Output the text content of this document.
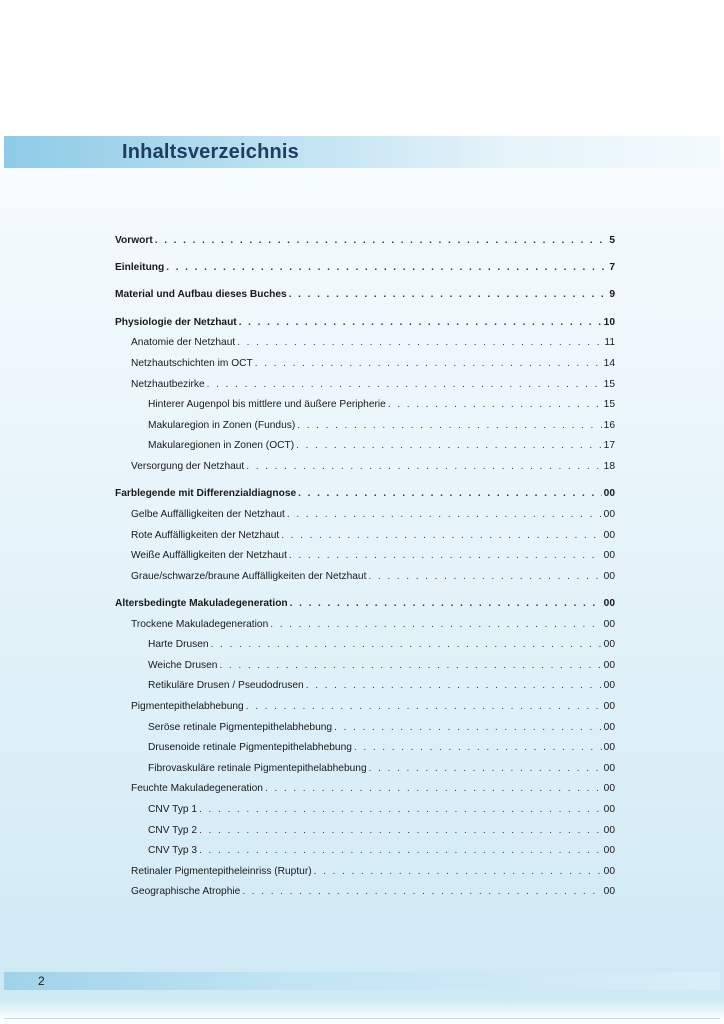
Inhaltsverzeichnis
Vorwort . . .	5
Einleitung . . .	7
Material und Aufbau dieses Buches . . .	9
Physiologie der Netzhaut . . .	10
Anatomie der Netzhaut . . .	11
Netzhautschichten im OCT . . .	14
Netzhautbezirke . . .	15
Hinterer Augenpol bis mittlere und äußere Peripherie . . .	15
Makularegion in Zonen (Fundus) . . .	16
Makularegionen in Zonen (OCT) . . .	17
Versorgung der Netzhaut . . .	18
Farblegende mit Differenzialdiagnose . . .	00
Gelbe Auffälligkeiten der Netzhaut . . .	00
Rote Auffälligkeiten der Netzhaut . . .	00
Weiße Auffälligkeiten der Netzhaut . . .	00
Graue/schwarze/braune Auffälligkeiten der Netzhaut . . .	00
Altersbedingte Makuladegeneration . . .	00
Trockene Makuladegeneration . . .	00
Harte Drusen . . .	00
Weiche Drusen . . .	00
Retikuläre Drusen / Pseudodrusen . . .	00
Pigmentepithelabhebung . . .	00
Seröse retinale Pigmentepithelabhebung . . .	00
Drusenoide retinale Pigmentepithelabhebung . . .	00
Fibrovaskuläre retinale Pigmentepithelabhebung . . .	00
Feuchte Makuladegeneration . . .	00
CNV Typ 1 . . .	00
CNV Typ 2 . . .	00
CNV Typ 3 . . .	00
Retinaler Pigmentepitheleinriss (Ruptur) . . .	00
Geographische Atrophie . . .	00
2
